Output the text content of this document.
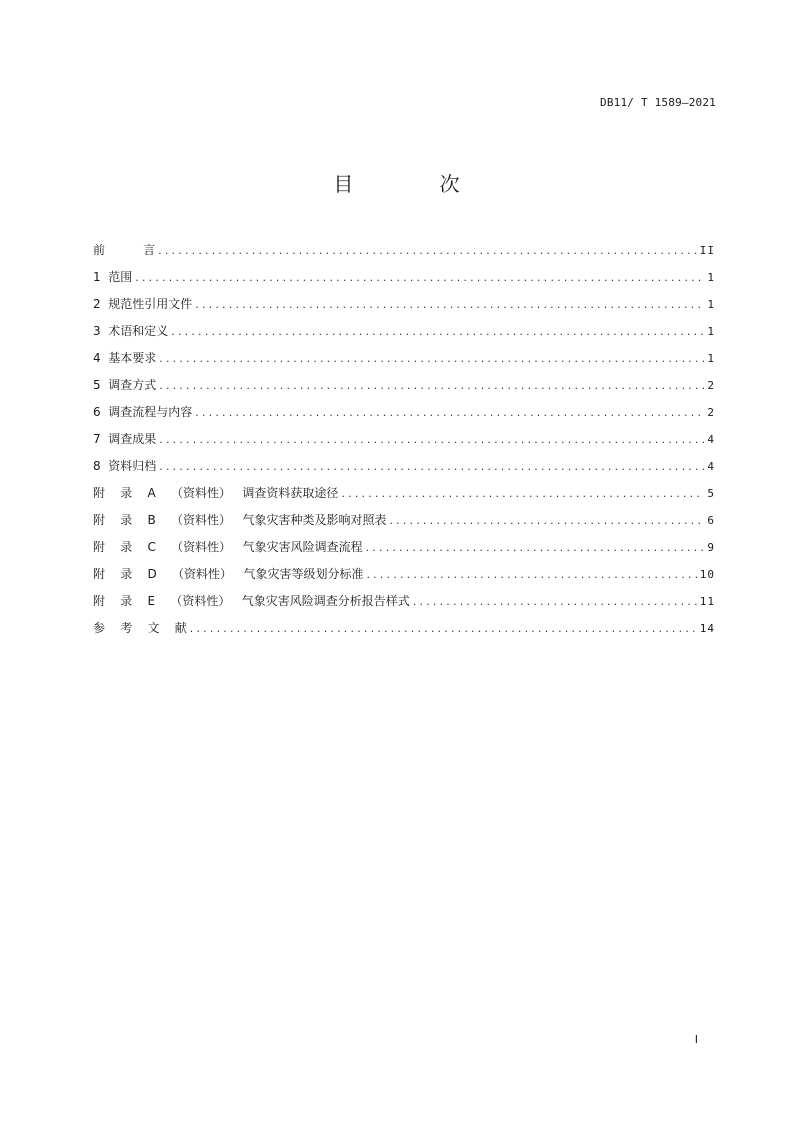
DB11/ T 1589—2021
目 次
前          言 .....	II
1  范围 .....	1
2  规范性引用文件 .....	1
3  术语和定义 .....	1
4  基本要求 .....	1
5  调查方式 .....	2
6  调查流程与内容 .....	2
7  调查成果 .....	4
8  资料归档 .....	4
附    录    A    （资料性）   调查资料获取途径 .....	5
附    录    B    （资料性）   气象灾害种类及影响对照表 .....	6
附    录    C    （资料性）   气象灾害风险调查流程 .....	9
附    录    D    （资料性）   气象灾害等级划分标准 .....	10
附    录    E    （资料性）   气象灾害风险调查分析报告样式 .....	11
参    考    文    献 .....	14
I
